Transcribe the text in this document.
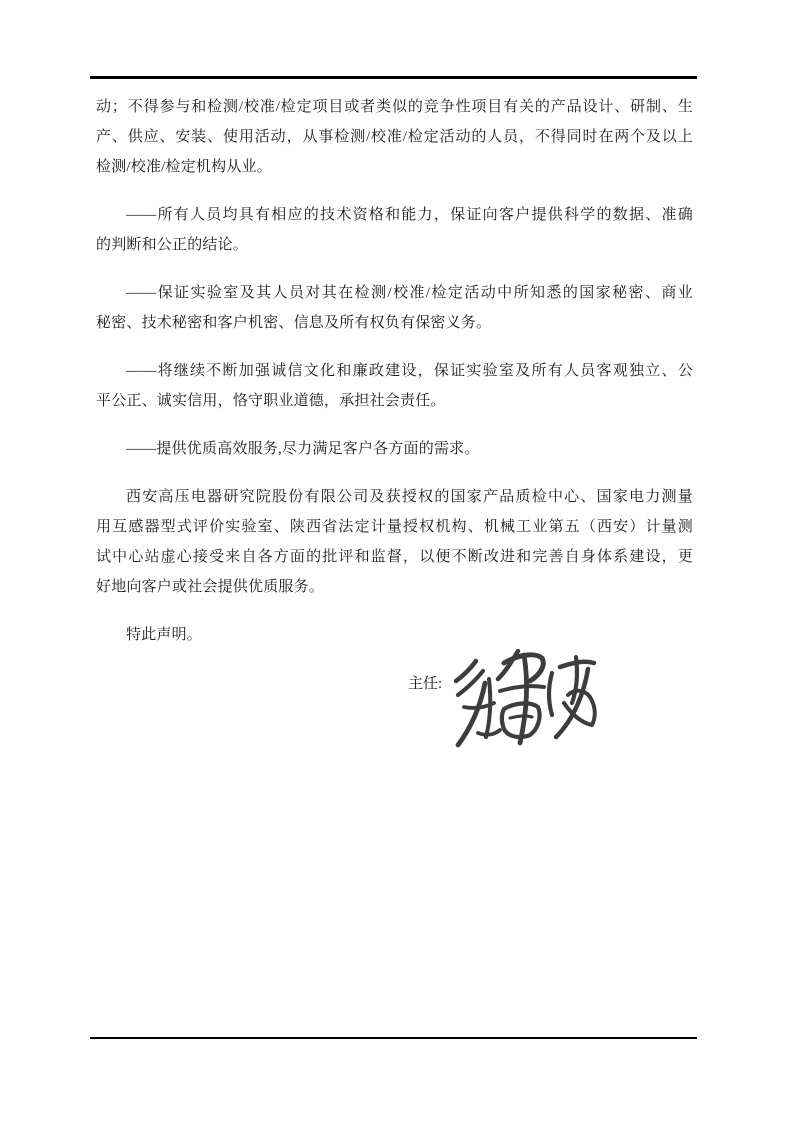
动；不得参与和检测/校准/检定项目或者类似的竞争性项目有关的产品设计、研制、生
产、供应、安装、使用活动，从事检测/校准/检定活动的人员，不得同时在两个及以上
检测/校准/检定机构从业。
——所有人员均具有相应的技术资格和能力，保证向客户提供科学的数据、准确
的判断和公正的结论。
——保证实验室及其人员对其在检测/校准/检定活动中所知悉的国家秘密、商业
秘密、技术秘密和客户机密、信息及所有权负有保密义务。
——将继续不断加强诚信文化和廉政建设，保证实验室及所有人员客观独立、公
平公正、诚实信用，恪守职业道德，承担社会责任。
——提供优质高效服务,尽力满足客户各方面的需求。
西安高压电器研究院股份有限公司及获授权的国家产品质检中心、国家电力测量
用互感器型式评价实验室、陕西省法定计量授权机构、机械工业第五（西安）计量测
试中心站虚心接受来自各方面的批评和监督，以便不断改进和完善自身体系建设，更
好地向客户或社会提供优质服务。
特此声明。
主任:
